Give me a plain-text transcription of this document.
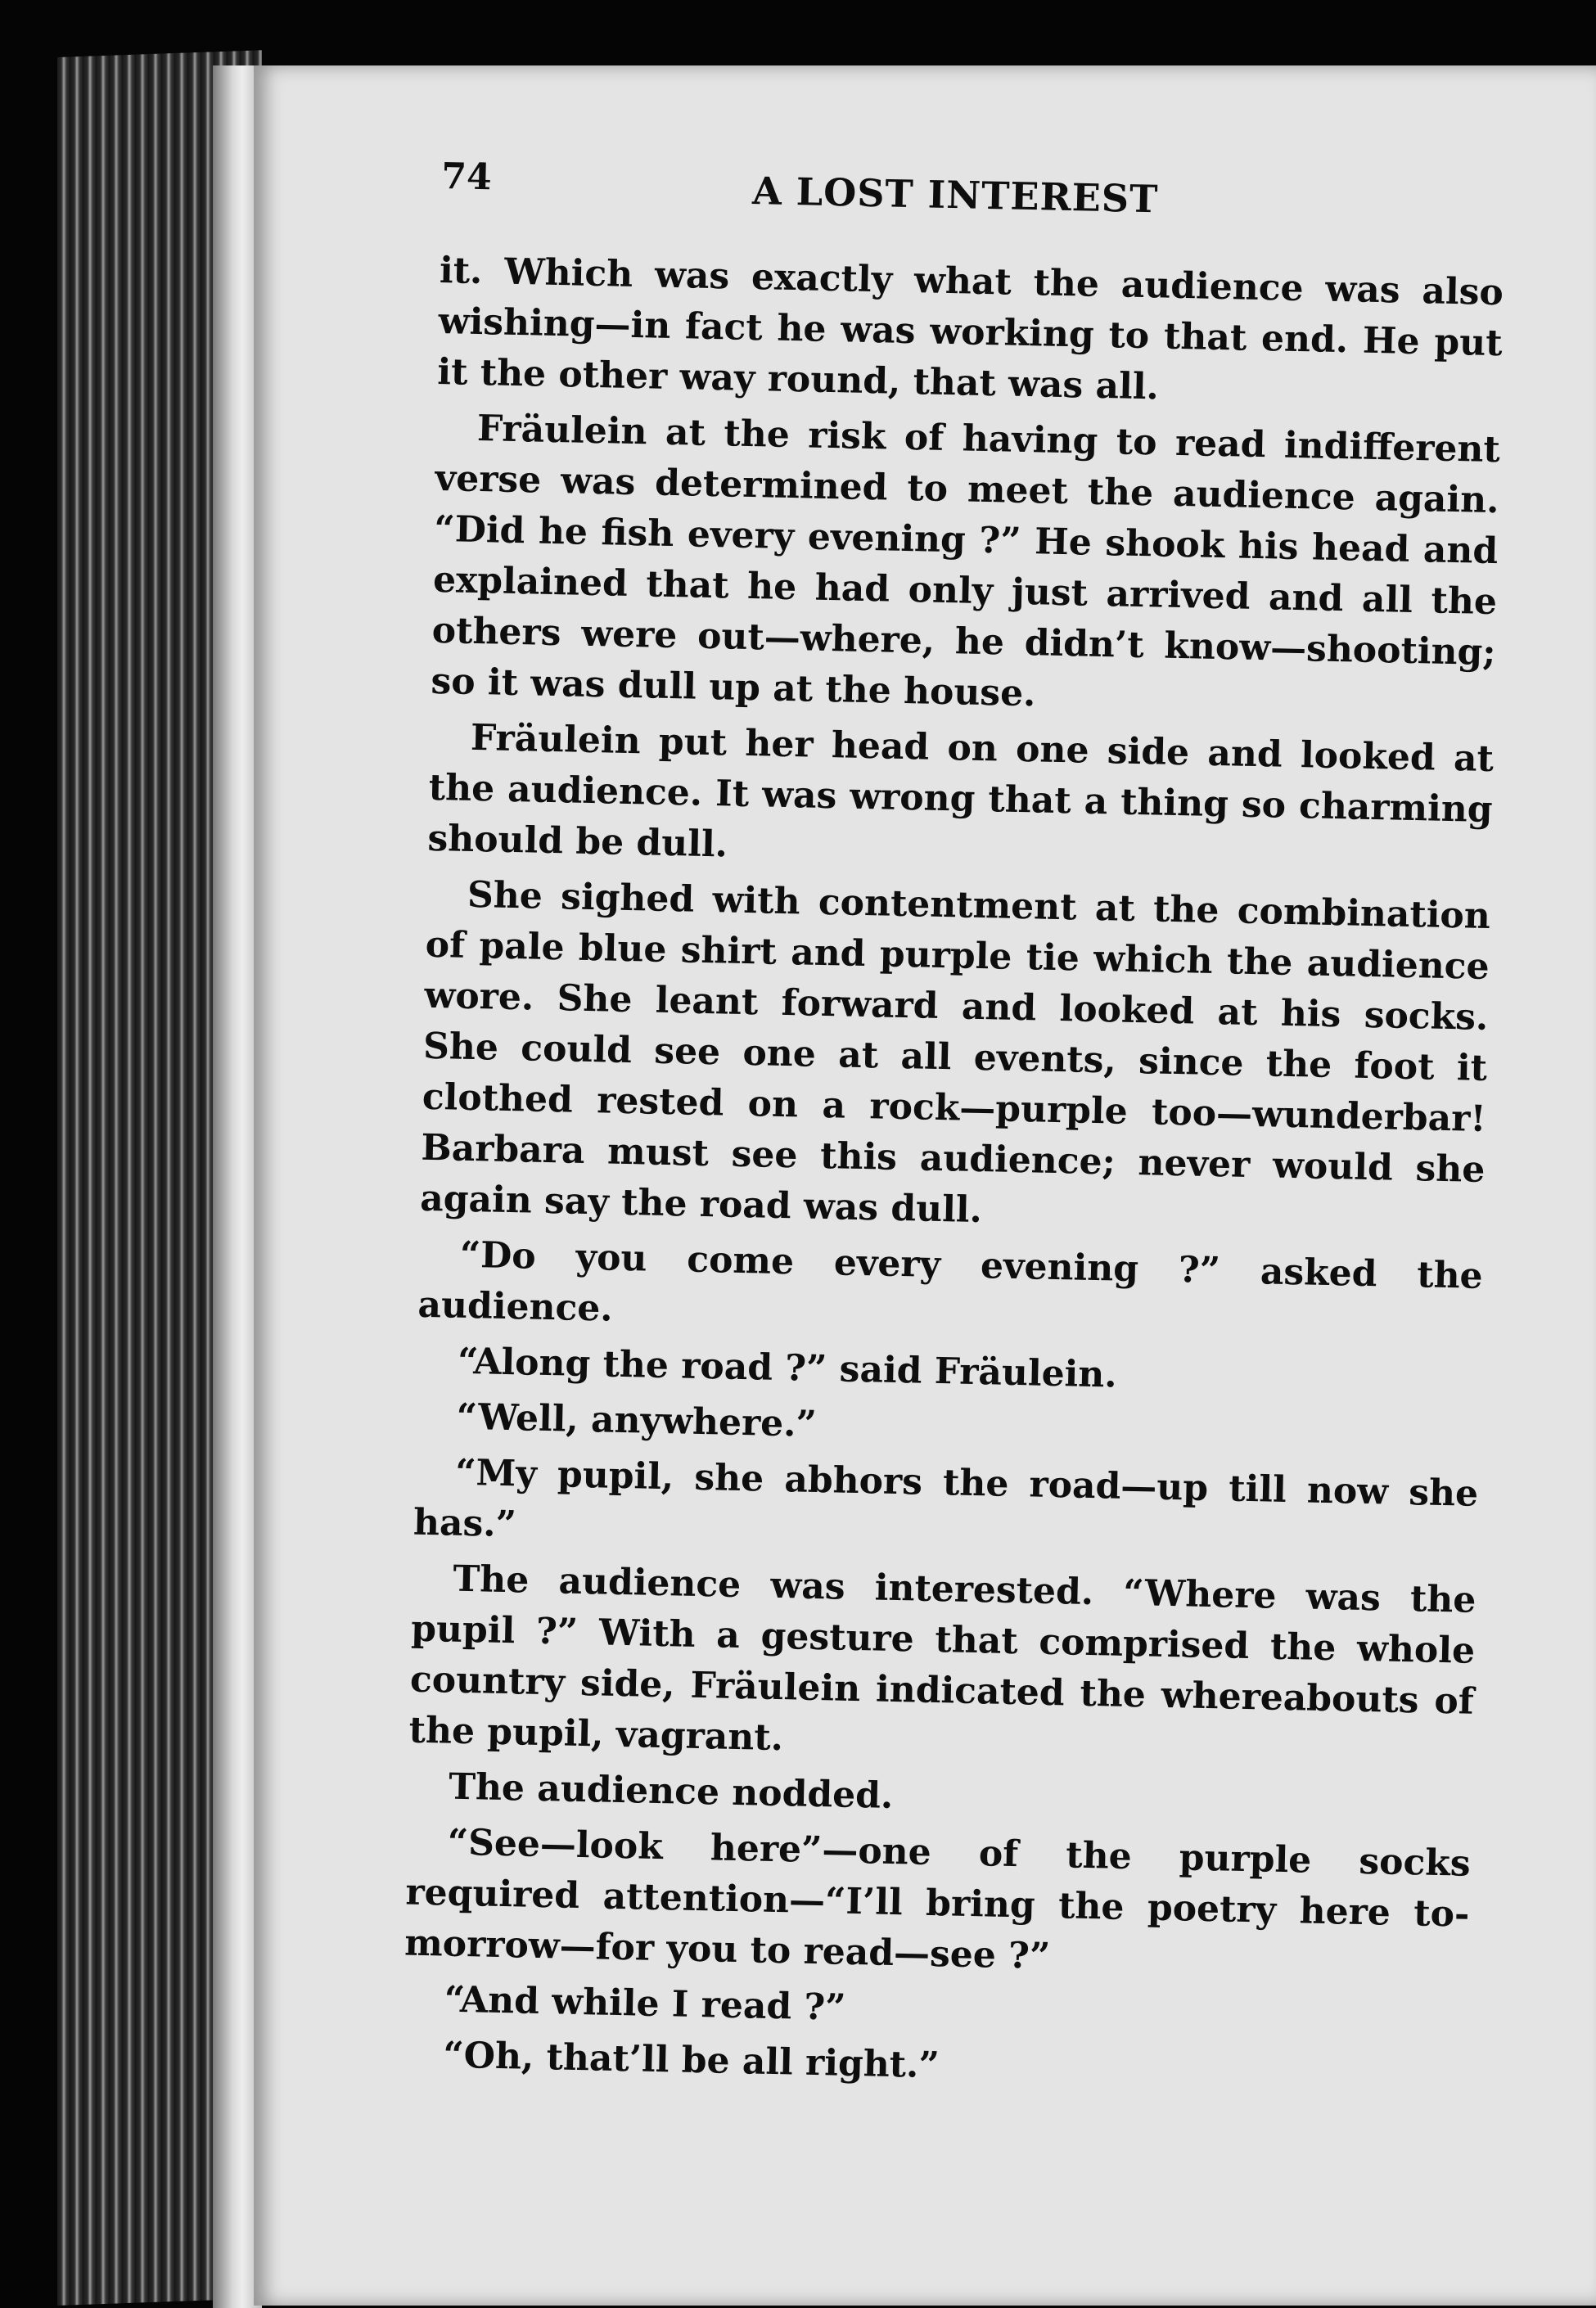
74	A LOST INTEREST

it. Which was exactly what the audience was also wishing—in fact he was working to that end. He put it the other way round, that was all.

Fräulein at the risk of having to read indifferent verse was determined to meet the audience again. “Did he fish every evening ?” He shook his head and explained that he had only just arrived and all the others were out—where, he didn’t know—shooting; so it was dull up at the house.

Fräulein put her head on one side and looked at the audience. It was wrong that a thing so charming should be dull.

She sighed with contentment at the combination of pale blue shirt and purple tie which the audience wore. She leant forward and looked at his socks. She could see one at all events, since the foot it clothed rested on a rock—purple too—wunderbar! Barbara must see this audience; never would she again say the road was dull.

“Do you come every evening ?” asked the audience.

“Along the road ?” said Fräulein.

“Well, anywhere.”

“My pupil, she abhors the road—up till now she has.”

The audience was interested. “Where was the pupil ?” With a gesture that comprised the whole country side, Fräulein indicated the whereabouts of the pupil, vagrant.

The audience nodded.

“See—look here”—one of the purple socks required attention—“I’ll bring the poetry here to-morrow—for you to read—see ?”

“And while I read ?”

“Oh, that’ll be all right.”
